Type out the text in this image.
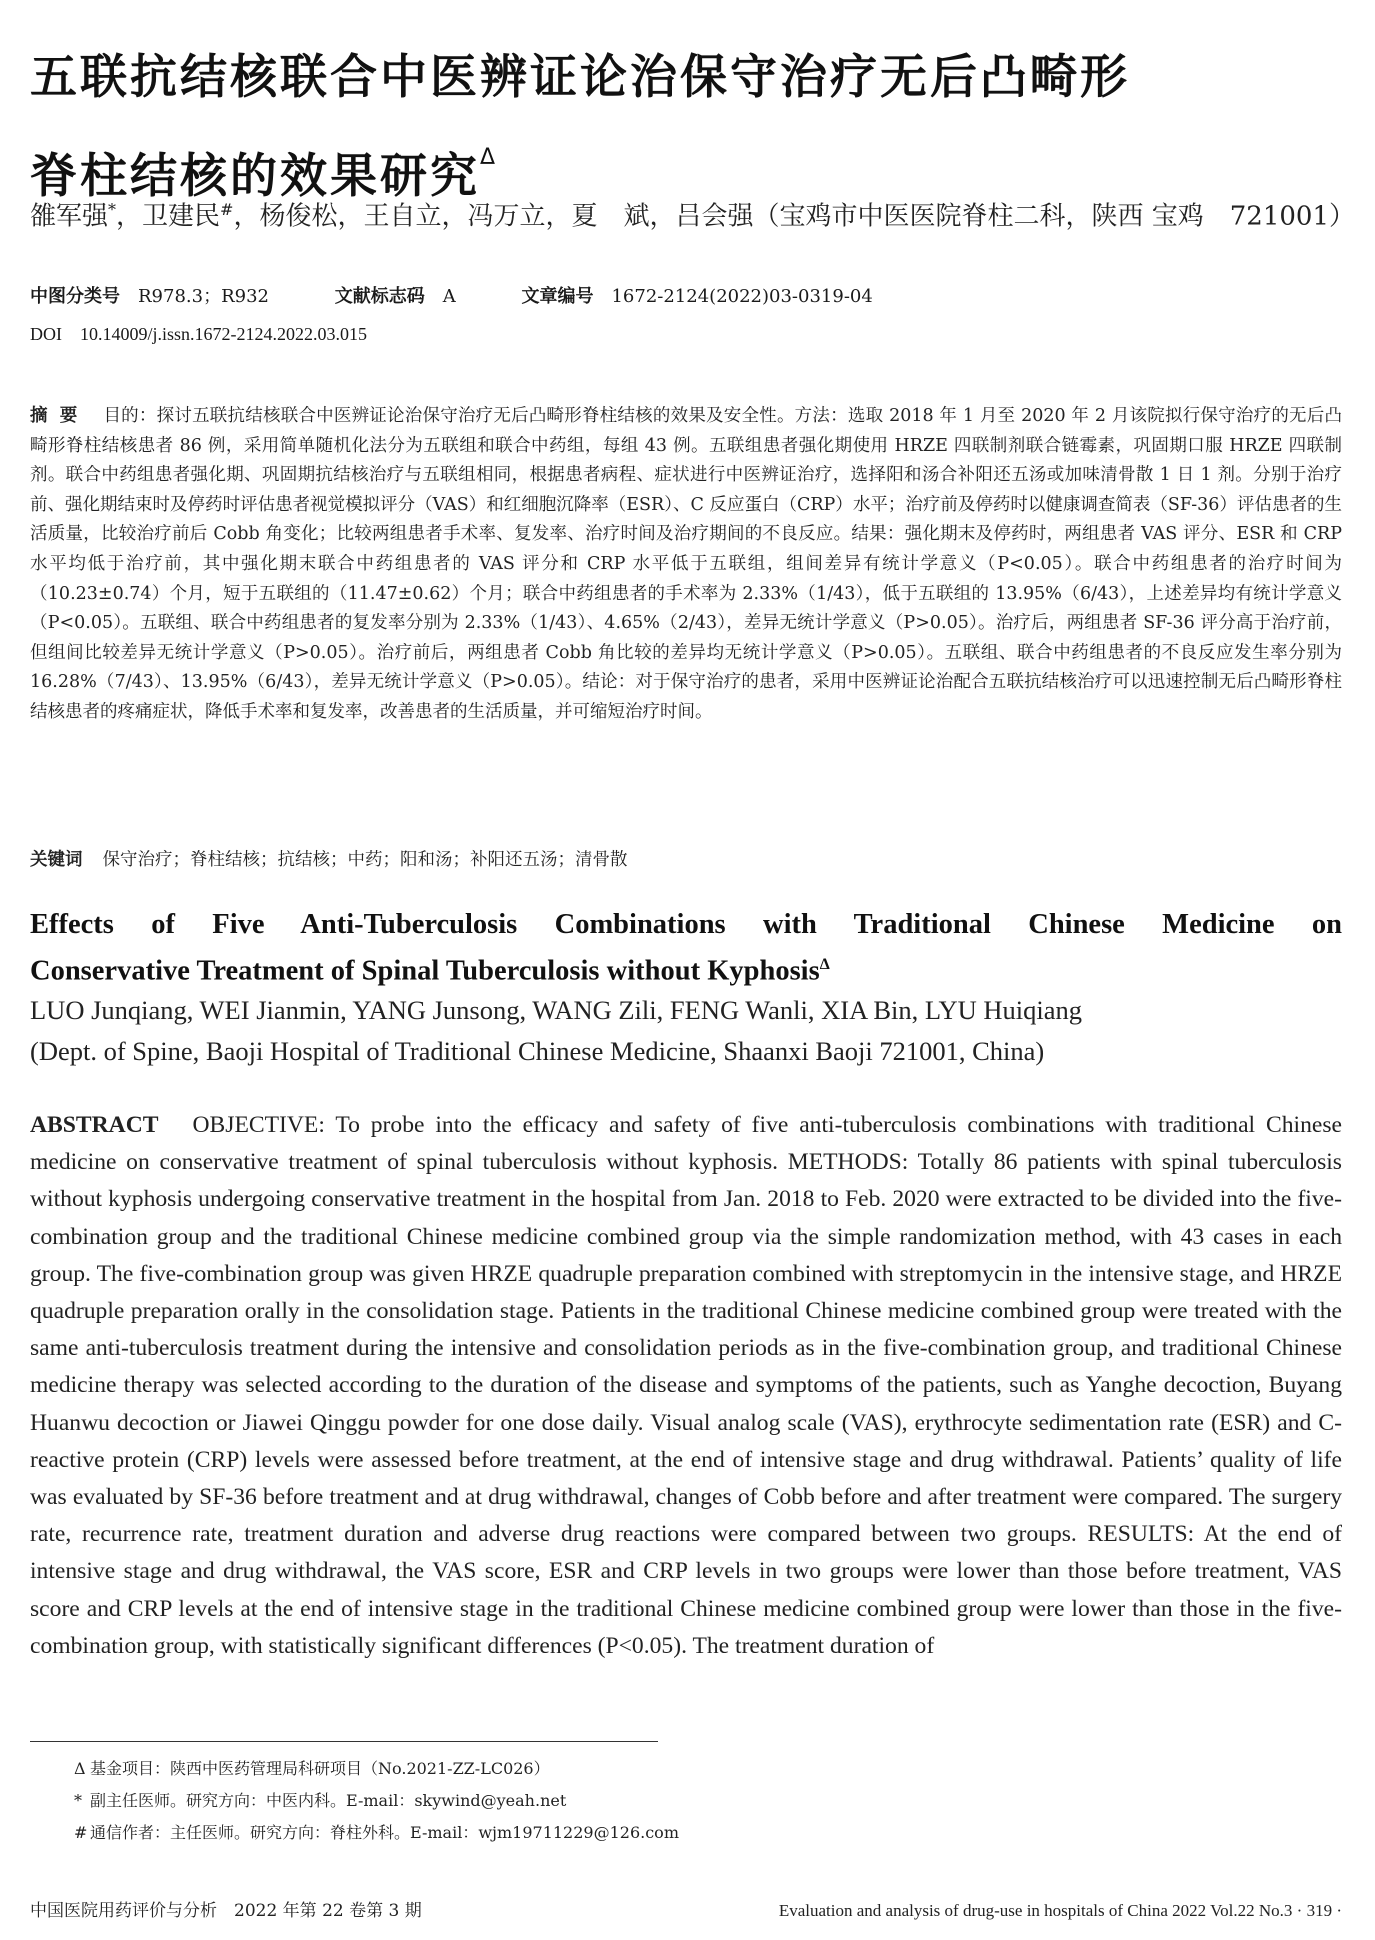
五联抗结核联合中医辨证论治保守治疗无后凸畸形
脊柱结核的效果研究$^\Delta$
雒军强*，卫建民#，杨俊松，王自立，冯万立，夏　斌，吕会强（宝鸡市中医医院脊柱二科，陕西 宝鸡　721001）
中图分类号 R978.3；R932	文献标志码 A	文章编号 1672-2124(2022)03-0319-04
DOI 10.14009/j.issn.1672-2124.2022.03.015

摘要 目的：探讨五联抗结核联合中医辨证论治保守治疗无后凸畸形脊柱结核的效果及安全性。方法：选取 2018 年 1 月至 2020 年 2 月该院拟行保守治疗的无后凸畸形脊柱结核患者 86 例，采用简单随机化法分为五联组和联合中药组，每组 43 例。五联组患者强化期使用 HRZE 四联制剂联合链霉素，巩固期口服 HRZE 四联制剂。联合中药组患者强化期、巩固期抗结核治疗与五联组相同，根据患者病程、症状进行中医辨证治疗，选择阳和汤合补阳还五汤或加味清骨散 1 日 1 剂。分别于治疗前、强化期结束时及停药时评估患者视觉模拟评分（VAS）和红细胞沉降率（ESR）、C 反应蛋白（CRP）水平；治疗前及停药时以健康调查简表（SF-36）评估患者的生活质量，比较治疗前后 Cobb 角变化；比较两组患者手术率、复发率、治疗时间及治疗期间的不良反应。结果：强化期末及停药时，两组患者 VAS 评分、ESR 和 CRP 水平均低于治疗前，其中强化期末联合中药组患者的 VAS 评分和 CRP 水平低于五联组，组间差异有统计学意义（P<0.05）。联合中药组患者的治疗时间为（10.23±0.74）个月，短于五联组的（11.47±0.62）个月；联合中药组患者的手术率为 2.33%（1/43），低于五联组的 13.95%（6/43），上述差异均有统计学意义（P<0.05）。五联组、联合中药组患者的复发率分别为 2.33%（1/43）、4.65%（2/43），差异无统计学意义（P>0.05）。治疗后，两组患者 SF-36 评分高于治疗前，但组间比较差异无统计学意义（P>0.05）。治疗前后，两组患者 Cobb 角比较的差异均无统计学意义（P>0.05）。五联组、联合中药组患者的不良反应发生率分别为 16.28%（7/43）、13.95%（6/43），差异无统计学意义（P>0.05）。结论：对于保守治疗的患者，采用中医辨证论治配合五联抗结核治疗可以迅速控制无后凸畸形脊柱结核患者的疼痛症状，降低手术率和复发率，改善患者的生活质量，并可缩短治疗时间。

关键词 保守治疗 ； 脊柱结核 ； 抗结核 ； 中药 ； 阳和汤 ； 补阳还五汤 ； 清骨散
Effects of Five Anti-Tuberculosis Combinations with Traditional Chinese Medicine on
Conservative Treatment of Spinal Tuberculosis without Kyphosis$^\Delta$
LUO Junqiang, WEI Jianmin, YANG Junsong, WANG Zili, FENG Wanli, XIA Bin, LYU Huiqiang
(Dept. of Spine, Baoji Hospital of Traditional Chinese Medicine, Shaanxi Baoji 721001, China)

ABSTRACT OBJECTIVE: To probe into the efficacy and safety of five anti-tuberculosis combinations with traditional Chinese medicine on conservative treatment of spinal tuberculosis without kyphosis. METHODS: Totally 86 patients with spinal tuberculosis without kyphosis undergoing conservative treatment in the hospital from Jan. 2018 to Feb. 2020 were extracted to be divided into the five-combination group and the traditional Chinese medicine combined group via the simple randomization method, with 43 cases in each group. The five-combination group was given HRZE quadruple preparation combined with streptomycin in the intensive stage, and HRZE quadruple preparation orally in the consolidation stage. Patients in the traditional Chinese medicine combined group were treated with the same anti-tuberculosis treatment during the intensive and consolidation periods as in the five-combination group, and traditional Chinese medicine therapy was selected according to the duration of the disease and symptoms of the patients, such as Yanghe decoction, Buyang Huanwu decoction or Jiawei Qinggu powder for one dose daily. Visual analog scale (VAS), erythrocyte sedimentation rate (ESR) and C-reactive protein (CRP) levels were assessed before treatment, at the end of intensive stage and drug withdrawal. Patients’ quality of life was evaluated by SF-36 before treatment and at drug withdrawal, changes of Cobb before and after treatment were compared. The surgery rate, recurrence rate, treatment duration and adverse drug reactions were compared between two groups. RESULTS: At the end of intensive stage and drug withdrawal, the VAS score, ESR and CRP levels in two groups were lower than those before treatment, VAS score and CRP levels at the end of intensive stage in the traditional Chinese medicine combined group were lower than those in the five-combination group, with statistically significant differences (P<0.05). The treatment duration of

Δ 基金项目：陕西中医药管理局科研项目（No.2021-ZZ-LC026）
* 副主任医师。研究方向：中医内科。E-mail：skywind@yeah.net
# 通信作者：主任医师。研究方向：脊柱外科。E-mail：wjm19711229@126.com
中国医院用药评价与分析　2022 年第 22 卷第 3 期	Evaluation and analysis of drug-use in hospitals of China 2022 Vol.22 No.3 · 319 ·
